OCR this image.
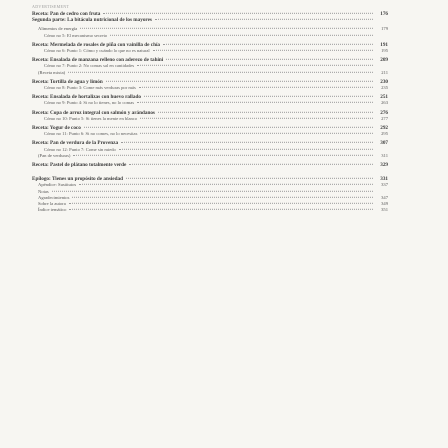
ADVERTISEMENT
Receta: Pan de cedro con fruta	176
Segunda parte: La bitácula nutricional de los mayores
Alimentos de energía	179
Cómo no 5: El mecanismo secreto
Receta: Mermelada de rosales de piña con vainilla de chía	191
Cómo no 6: Punto 1: Cómo y cuándo lo que no es natural	195
Receta: Ensalada de manzana relleno con aderezo de tahini	209
Cómo no 7: Punto 2: No comas sal en cantidades
(Receta mixta)	211
Receta: Tortilla de agua y limón	230
Cómo no 8: Punto 3: Come más verduras por más	235
Receta: Ensalada de hortalizas con huevo rallado	251
Cómo no 9: Punto 4: Si no lo tienes, no lo comas	263
Receta: Copa de arroz integral con salmón y arándanos	276
Cómo no 10: Punto 5: Si tienes la mente en blanco	277
Receta: Yogur de coco	292
Cómo no 11: Punto 6: Si no comes, no lo necesitas	295
Receta: Pan de verdura de la Provenza	307
Cómo no 12: Punto 7: Come sin miedo
(Pan de verduras)	311
Receta: Pastel de plátano totalmente verde	329
Epílogo: Tienes un propósito de ansiedad	331
Apéndice: Sustitutos	337
Notas
Agradecimientos	347
Sobre la autora	349
Índice temático	351
